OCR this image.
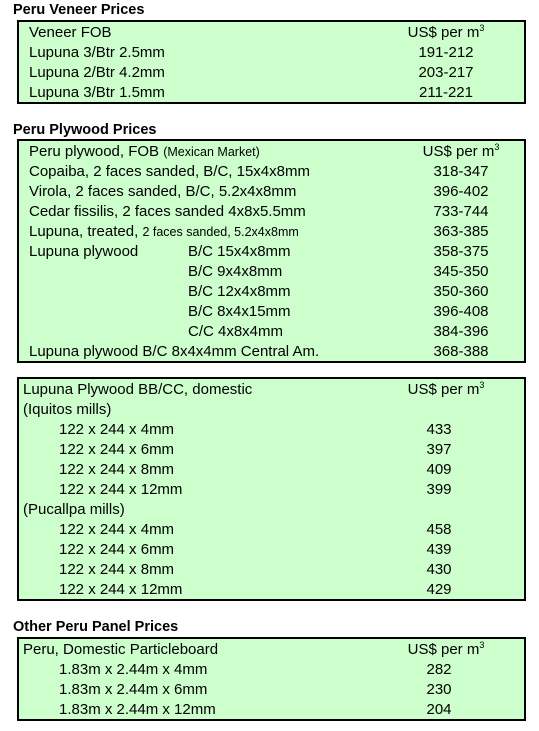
Peru Veneer Prices
Veneer FOB	US$ per $m^3$
Lupuna 3/Btr 2.5mm	191-212
Lupuna 2/Btr 4.2mm	203-217
Lupuna 3/Btr 1.5mm	211-221
Peru Plywood Prices
Peru plywood, FOB (Mexican Market)	US$ per $m^3$
Copaiba, 2 faces sanded, B/C, 15x4x8mm	318-347
Virola, 2 faces sanded, B/C, 5.2x4x8mm	396-402
Cedar fissilis, 2 faces sanded 4x8x5.5mm	733-744
Lupuna, treated, 2 faces sanded, 5.2x4x8mm	363-385
Lupuna plywood	B/C 15x4x8mm	358-375
B/C 9x4x8mm	345-350
B/C 12x4x8mm	350-360
B/C 8x4x15mm	396-408
C/C 4x8x4mm	384-396
Lupuna plywood B/C 8x4x4mm Central Am.	368-388
Lupuna Plywood BB/CC, domestic	US$ per $m^3$
(Iquitos mills)
122 x 244 x 4mm	433
122 x 244 x 6mm	397
122 x 244 x 8mm	409
122 x 244 x 12mm	399
(Pucallpa mills)
122 x 244 x 4mm	458
122 x 244 x 6mm	439
122 x 244 x 8mm	430
122 x 244 x 12mm	429
Other Peru Panel Prices
Peru, Domestic Particleboard	US$ per $m^3$
1.83m x 2.44m x 4mm	282
1.83m x 2.44m x 6mm	230
1.83m x 2.44m x 12mm	204
